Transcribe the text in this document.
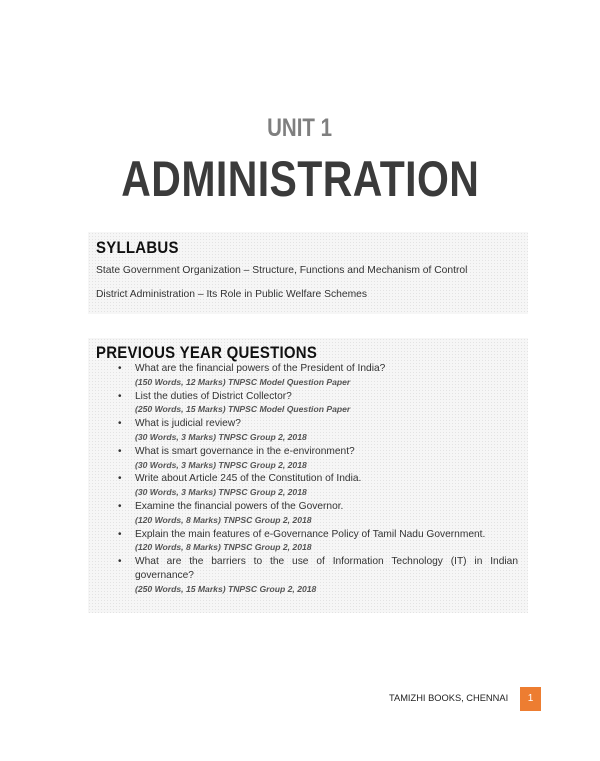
UNIT 1
ADMINISTRATION
SYLLABUS
State Government Organization – Structure, Functions and Mechanism of Control
District Administration – Its Role in Public Welfare Schemes
PREVIOUS YEAR QUESTIONS
• What are the financial powers of the President of India?
(150 Words, 12 Marks) TNPSC Model Question Paper
• List the duties of District Collector?
(250 Words, 15 Marks) TNPSC Model Question Paper
• What is judicial review?
(30 Words, 3 Marks) TNPSC Group 2, 2018
• What is smart governance in the e-environment?
(30 Words, 3 Marks) TNPSC Group 2, 2018
• Write about Article 245 of the Constitution of India.
(30 Words, 3 Marks) TNPSC Group 2, 2018
• Examine the financial powers of the Governor.
(120 Words, 8 Marks) TNPSC Group 2, 2018
• Explain the main features of e-Governance Policy of Tamil Nadu Government.
(120 Words, 8 Marks) TNPSC Group 2, 2018
• What are the barriers to the use of Information Technology (IT) in Indian governance?
(250 Words, 15 Marks) TNPSC Group 2, 2018
TAMIZHI BOOKS, CHENNAI	1
